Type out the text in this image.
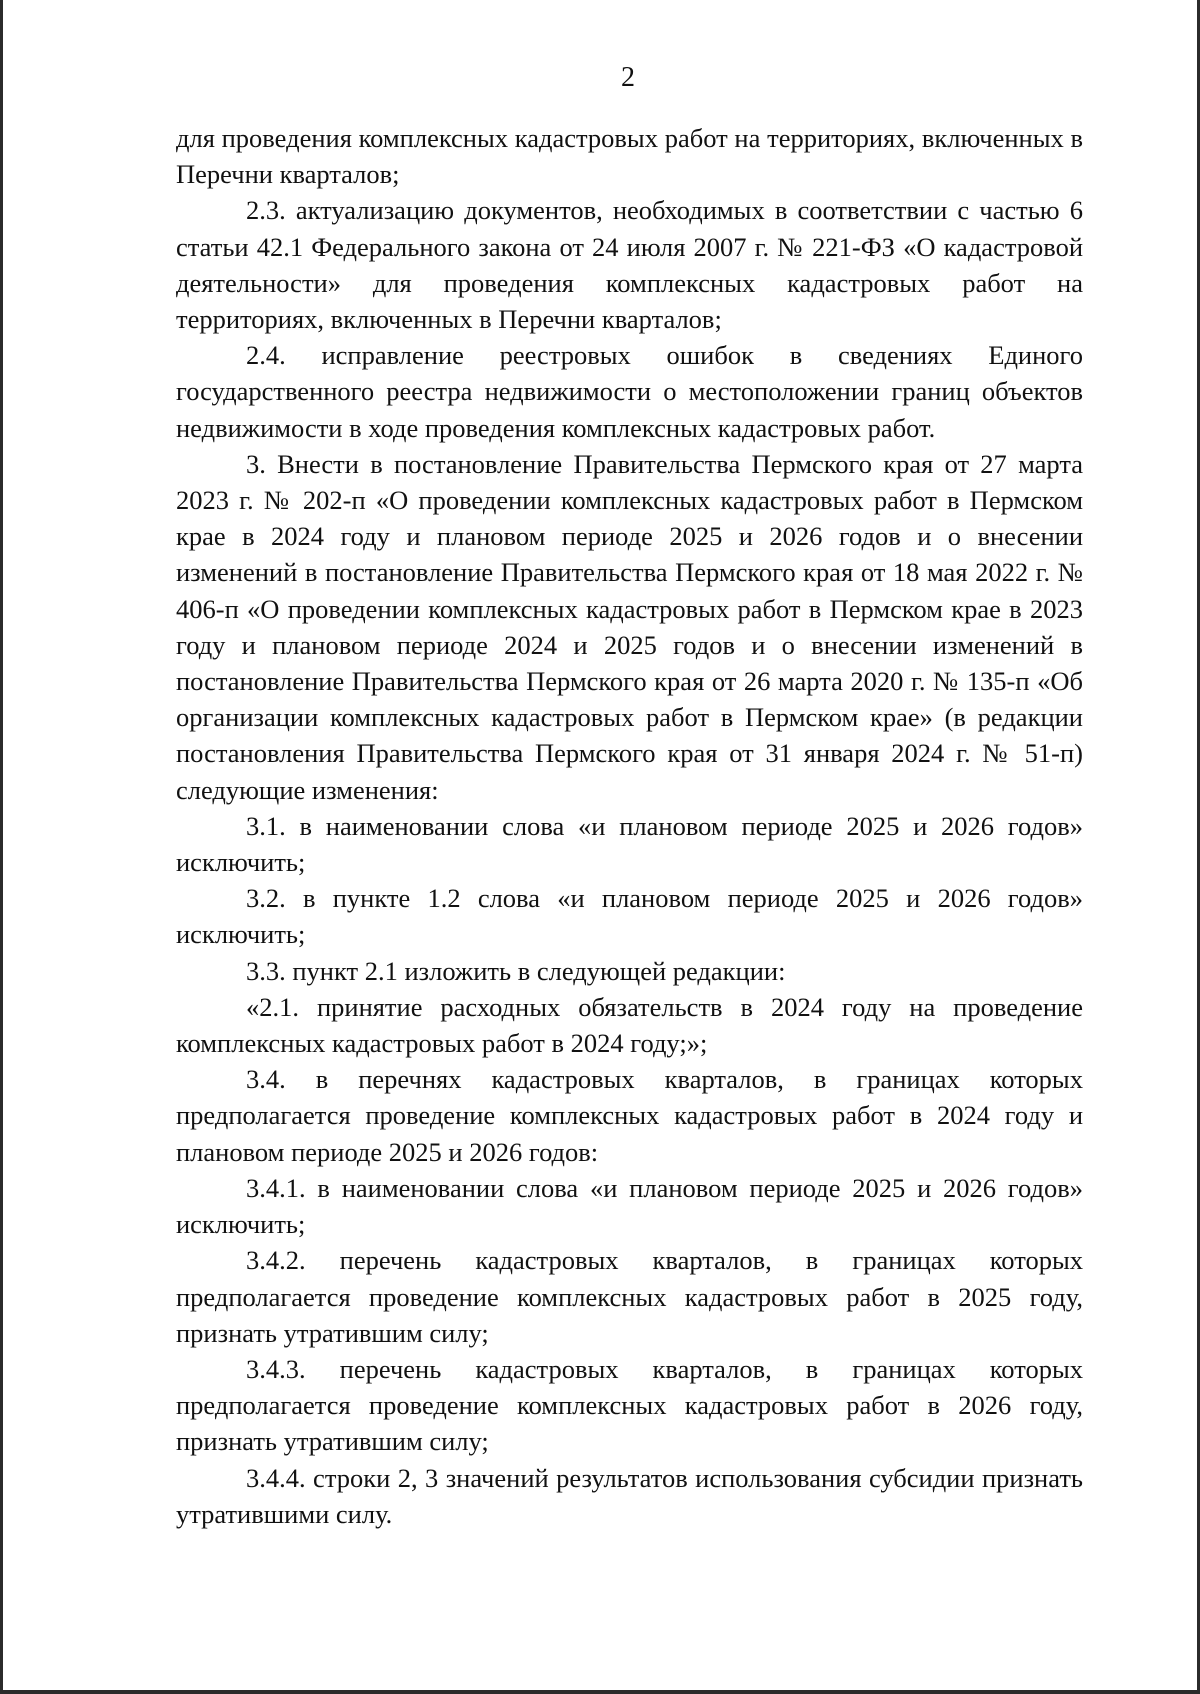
2

для проведения комплексных кадастровых работ на территориях, включенных в Перечни кварталов;

2.3. актуализацию документов, необходимых в соответствии с частью 6 статьи 42.1 Федерального закона от 24 июля 2007 г. № 221-ФЗ «О кадастровой деятельности» для проведения комплексных кадастровых работ на территориях, включенных в Перечни кварталов;

2.4. исправление реестровых ошибок в сведениях Единого государственного реестра недвижимости о местоположении границ объектов недвижимости в ходе проведения комплексных кадастровых работ.

3. Внести в постановление Правительства Пермского края от 27 марта 2023 г. № 202-п «О проведении комплексных кадастровых работ в Пермском крае в 2024 году и плановом периоде 2025 и 2026 годов и о внесении изменений в постановление Правительства Пермского края от 18 мая 2022 г. № 406-п «О проведении комплексных кадастровых работ в Пермском крае в 2023 году и плановом периоде 2024 и 2025 годов и о внесении изменений в постановление Правительства Пермского края от 26 марта 2020 г. № 135-п «Об организации комплексных кадастровых работ в Пермском крае» (в редакции постановления Правительства Пермского края от 31 января 2024 г. № 51-п) следующие изменения:

3.1. в наименовании слова «и плановом периоде 2025 и 2026 годов» исключить;

3.2. в пункте 1.2 слова «и плановом периоде 2025 и 2026 годов» исключить;

3.3. пункт 2.1 изложить в следующей редакции:

«2.1. принятие расходных обязательств в 2024 году на проведение комплексных кадастровых работ в 2024 году;»;

3.4. в перечнях кадастровых кварталов, в границах которых предполагается проведение комплексных кадастровых работ в 2024 году и плановом периоде 2025 и 2026 годов:

3.4.1. в наименовании слова «и плановом периоде 2025 и 2026 годов» исключить;

3.4.2. перечень кадастровых кварталов, в границах которых предполагается проведение комплексных кадастровых работ в 2025 году, признать утратившим силу;

3.4.3. перечень кадастровых кварталов, в границах которых предполагается проведение комплексных кадастровых работ в 2026 году, признать утратившим силу;

3.4.4. строки 2, 3 значений результатов использования субсидии признать утратившими силу.
